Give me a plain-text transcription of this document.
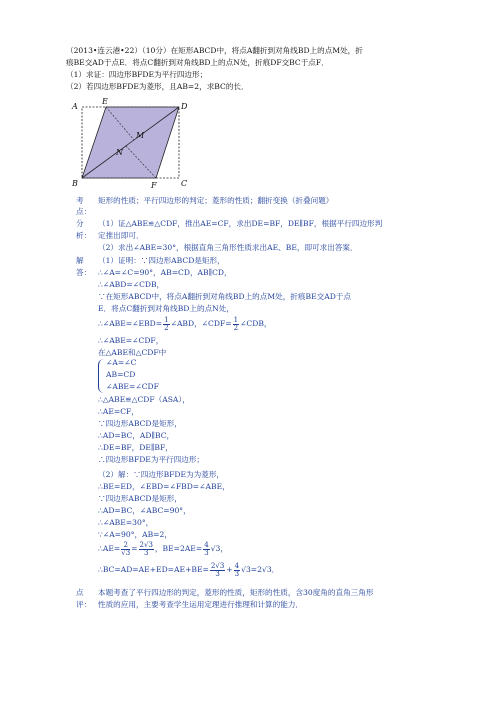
（2013•连云港•22）（10分）在矩形ABCD中，将点A翻折到对角线BD上的点M处，折
痕BE交AD于点E．将点C翻折到对角线BD上的点N处，折痕DF交BC于点F．
（1）求证：四边形BFDE为平行四边形；
（2）若四边形BFDE为菱形，且AB=2，求BC的长．
A
E
D
M
N
B	F	C
考
点：
矩形的性质；平行四边形的判定；菱形的性质；翻折变换（折叠问题）
分
析：
（1）证△ABE≌△CDF，推出AE=CF，求出DE=BF，DE∥BF，根据平行四边形判
定推出即可．
（2）求出∠ABE=30°，根据直角三角形性质求出AE、BE，即可求出答案．
解
答：
（1）证明：∵四边形ABCD是矩形，
∴∠A=∠C=90°，AB=CD，AB∥CD，
∴∠ABD=∠CDB，
∵在矩形ABCD中，将点A翻折到对角线BD上的点M处，折痕BE交AD于点
E．将点C翻折到对角线BD上的点N处，
∴∠ABE=∠EBD= $\frac{1}{2}$ ∠ABD，∠CDF= $\frac{1}{2}$ ∠CDB，
∴∠ABE=∠CDF，
在△ABE和△CDF中
∠A=∠C
AB=CD
∠ABE=∠CDF
∴△ABE≌△CDF（ASA），
∴AE=CF，
∵四边形ABCD是矩形，
∴AD=BC，AD∥BC，
∴DE=BF，DE∥BF，
∴四边形BFDE为平行四边形；
（2）解：∵四边形BFDE为为菱形，
∴BE=ED，∠EBD=∠FBD=∠ABE，
∵四边形ABCD是矩形，
∴AD=BC，∠ABC=90°，
∴∠ABE=30°，
∵∠A=90°，AB=2，
∴AE= $\frac{2}{√3} = \frac{2√3}{3}$ ，$BE=2AE= \frac{4}{3} √3$，
∴BC=AD=AE+ED=AE+BE= $\frac{2√3}{3} + \frac{4}{3} √3=2√3$．
点
评：
本题考查了平行四边形的判定，菱形的性质，矩形的性质，含30度角的直角三角形
性质的应用，主要考查学生运用定理进行推理和计算的能力．
